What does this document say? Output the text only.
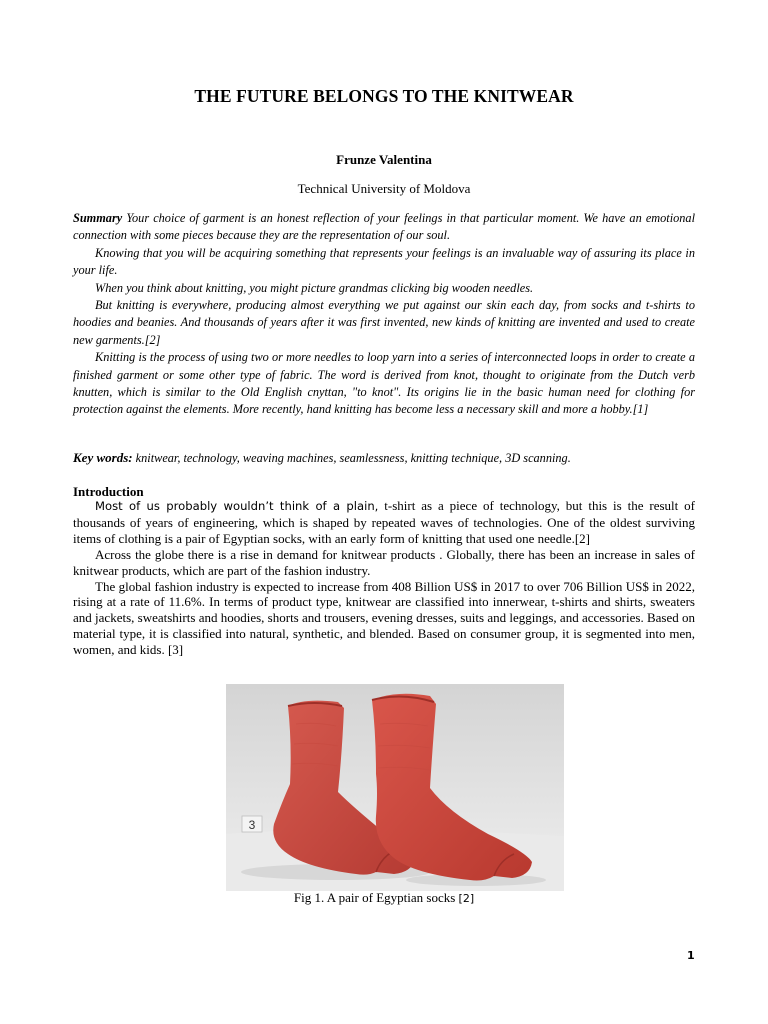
THE FUTURE BELONGS TO THE KNITWEAR
Frunze Valentina
Technical University of Moldova

Summary Your choice of garment is an honest reflection of your feelings in that particular moment. We have an emotional connection with some pieces because they are the representation of our soul.

Knowing that you will be acquiring something that represents your feelings is an invaluable way of assuring its place in your life.

When you think about knitting, you might picture grandmas clicking big wooden needles.

But knitting is everywhere, producing almost everything we put against our skin each day, from socks and t-shirts to hoodies and beanies. And thousands of years after it was first invented, new kinds of knitting are invented and used to create new garments.[2]

Knitting is the process of using two or more needles to loop yarn into a series of interconnected loops in order to create a finished garment or some other type of fabric. The word is derived from knot, thought to originate from the Dutch verb knutten, which is similar to the Old English cnyttan, "to knot". Its origins lie in the basic human need for clothing for protection against the elements. More recently, hand knitting has become less a necessary skill and more a hobby.[1]

Key words: knitwear, technology, weaving machines, seamlessness, knitting technique, 3D scanning.
Introduction

Most of us probably wouldn’t think of a plain, t-shirt as a piece of technology, but this is the result of thousands of years of engineering, which is shaped by repeated waves of technologies. One of the oldest surviving items of clothing is a pair of Egyptian socks, with an early form of knitting that used one needle.[2]

Across the globe there is a rise in demand for knitwear products . Globally, there has been an increase in sales of knitwear products, which are part of the fashion industry.

The global fashion industry is expected to increase from 408 Billion US$ in 2017 to over 706 Billion US$ in 2022, rising at a rate of 11.6%. In terms of product type, knitwear are classified into innerwear, t-shirts and shirts, sweaters and jackets, sweatshirts and hoodies, shorts and trousers, evening dresses, suits and leggings, and accessories. Based on material type, it is classified into natural, synthetic, and blended. Based on consumer group, it is segmented into men, women, and kids. [3]

3
Fig 1. A pair of Egyptian socks [2]
1
